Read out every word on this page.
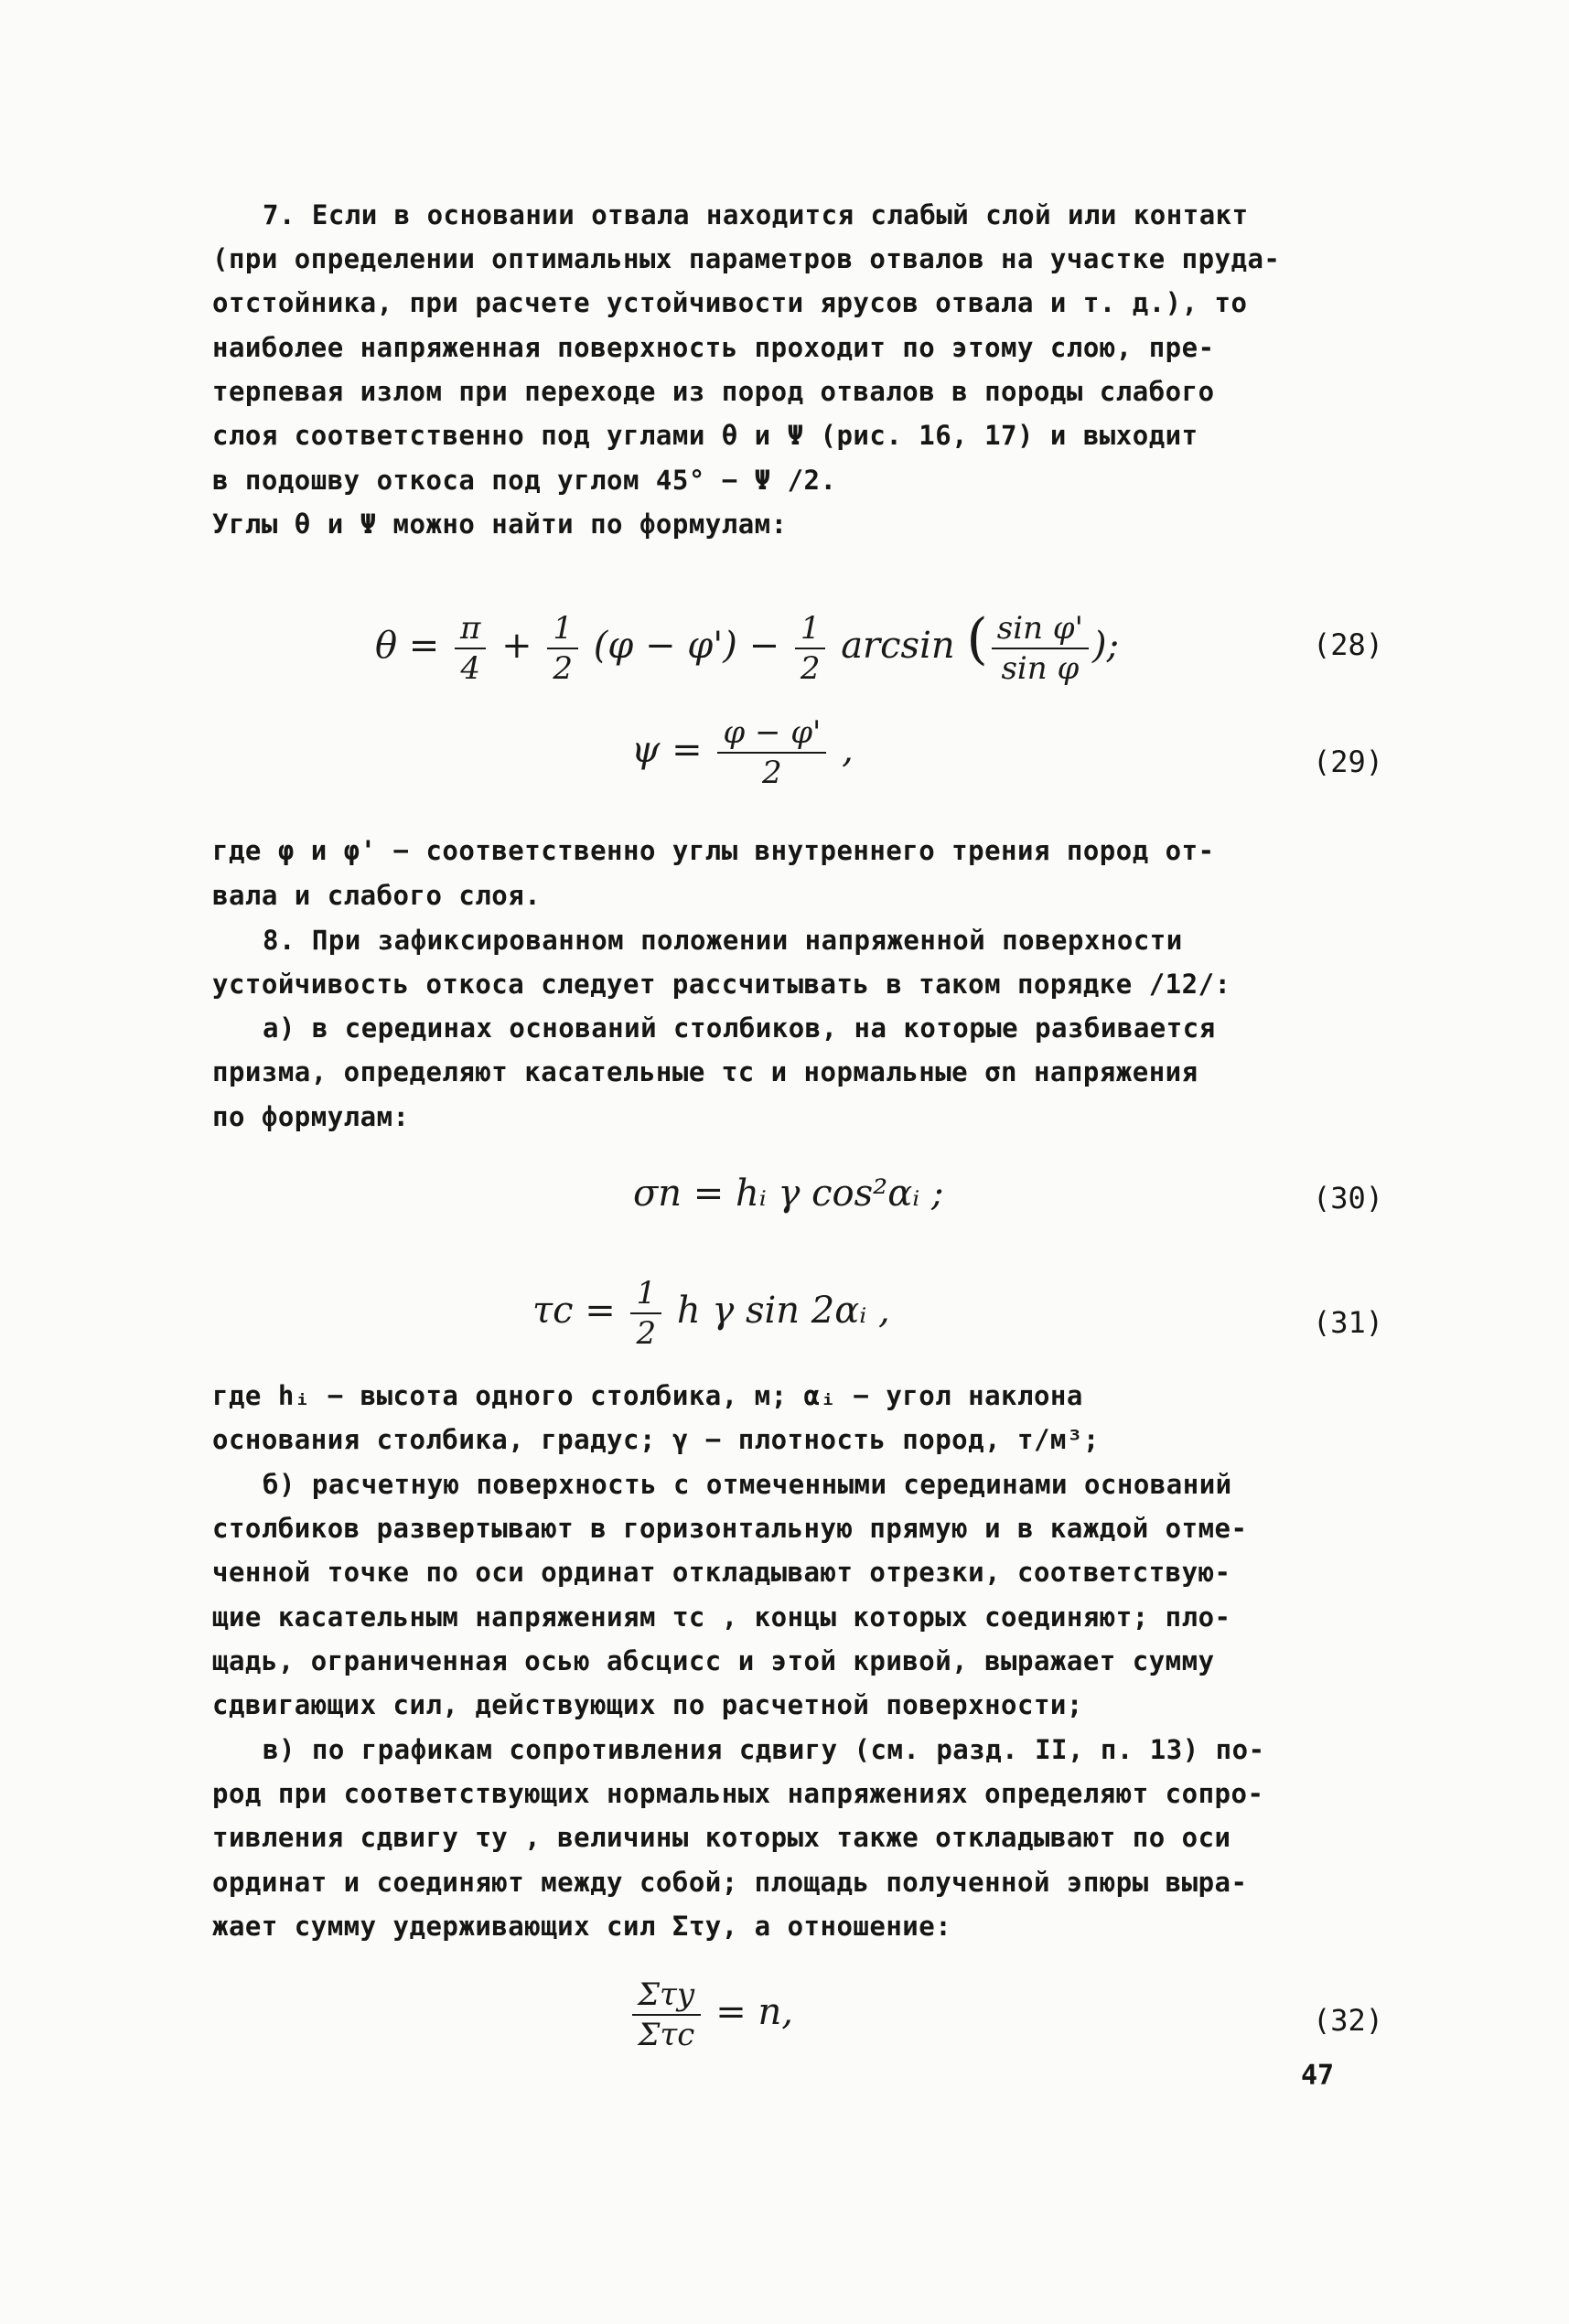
7. Если в основании отвала находится слабый слой или контакт
(при определении оптимальных параметров отвалов на участке пруда-
отстойника, при расчете устойчивости ярусов отвала и т. д.), то
наиболее напряженная поверхность проходит по этому слою, пре-
терпевая излом при переходе из пород отвалов в породы слабого
слоя соответственно под углами θ и Ψ (рис. 16, 17) и выходит
в подошву откоса под углом 45° − Ψ /2.
Углы θ и Ψ можно найти по формулам:
$\theta = \frac{\pi}{4} + \frac{1}{2} (\varphi - \varphi') - \frac{1}{2}$ arcsin ( $\frac{\text{sin φ'}}{\text{sin φ}}$ );	(28)
$\psi = \frac{\varphi - \varphi'}{2}$ ,	(29)
где φ и φ' − соответственно углы внутреннего трения пород от-
вала и слабого слоя.
8. При зафиксированном положении напряженной поверхности
устойчивость откоса следует рассчитывать в таком порядке /12/:
а) в серединах оснований столбиков, на которые разбивается
призма, определяют касательные τc и нормальные σn напряжения
по формулам:
σn = hᵢ γ cos²αᵢ ;	(30)
$\tau c = \frac{1}{2}$ h γ sin 2αᵢ ,	(31)
где hᵢ − высота одного столбика, м; αᵢ − угол наклона
основания столбика, градус; γ − плотность пород, т/м³;
б) расчетную поверхность с отмеченными серединами оснований
столбиков развертывают в горизонтальную прямую и в каждой отме-
ченной точке по оси ординат откладывают отрезки, соответствую-
щие касательным напряжениям τc , концы которых соединяют; пло-
щадь, ограниченная осью абсцисс и этой кривой, выражает сумму
сдвигающих сил, действующих по расчетной поверхности;
в) по графикам сопротивления сдвигу (см. разд. II, п. 13) по-
род при соответствующих нормальных напряжениях определяют сопро-
тивления сдвигу τу , величины которых также откладывают по оси
ординат и соединяют между собой; площадь полученной эпюры выра-
жает сумму удерживающих сил Στу, а отношение:
$\frac{\text{Στу}}{\text{Στc}} = n$,	(32)
47
